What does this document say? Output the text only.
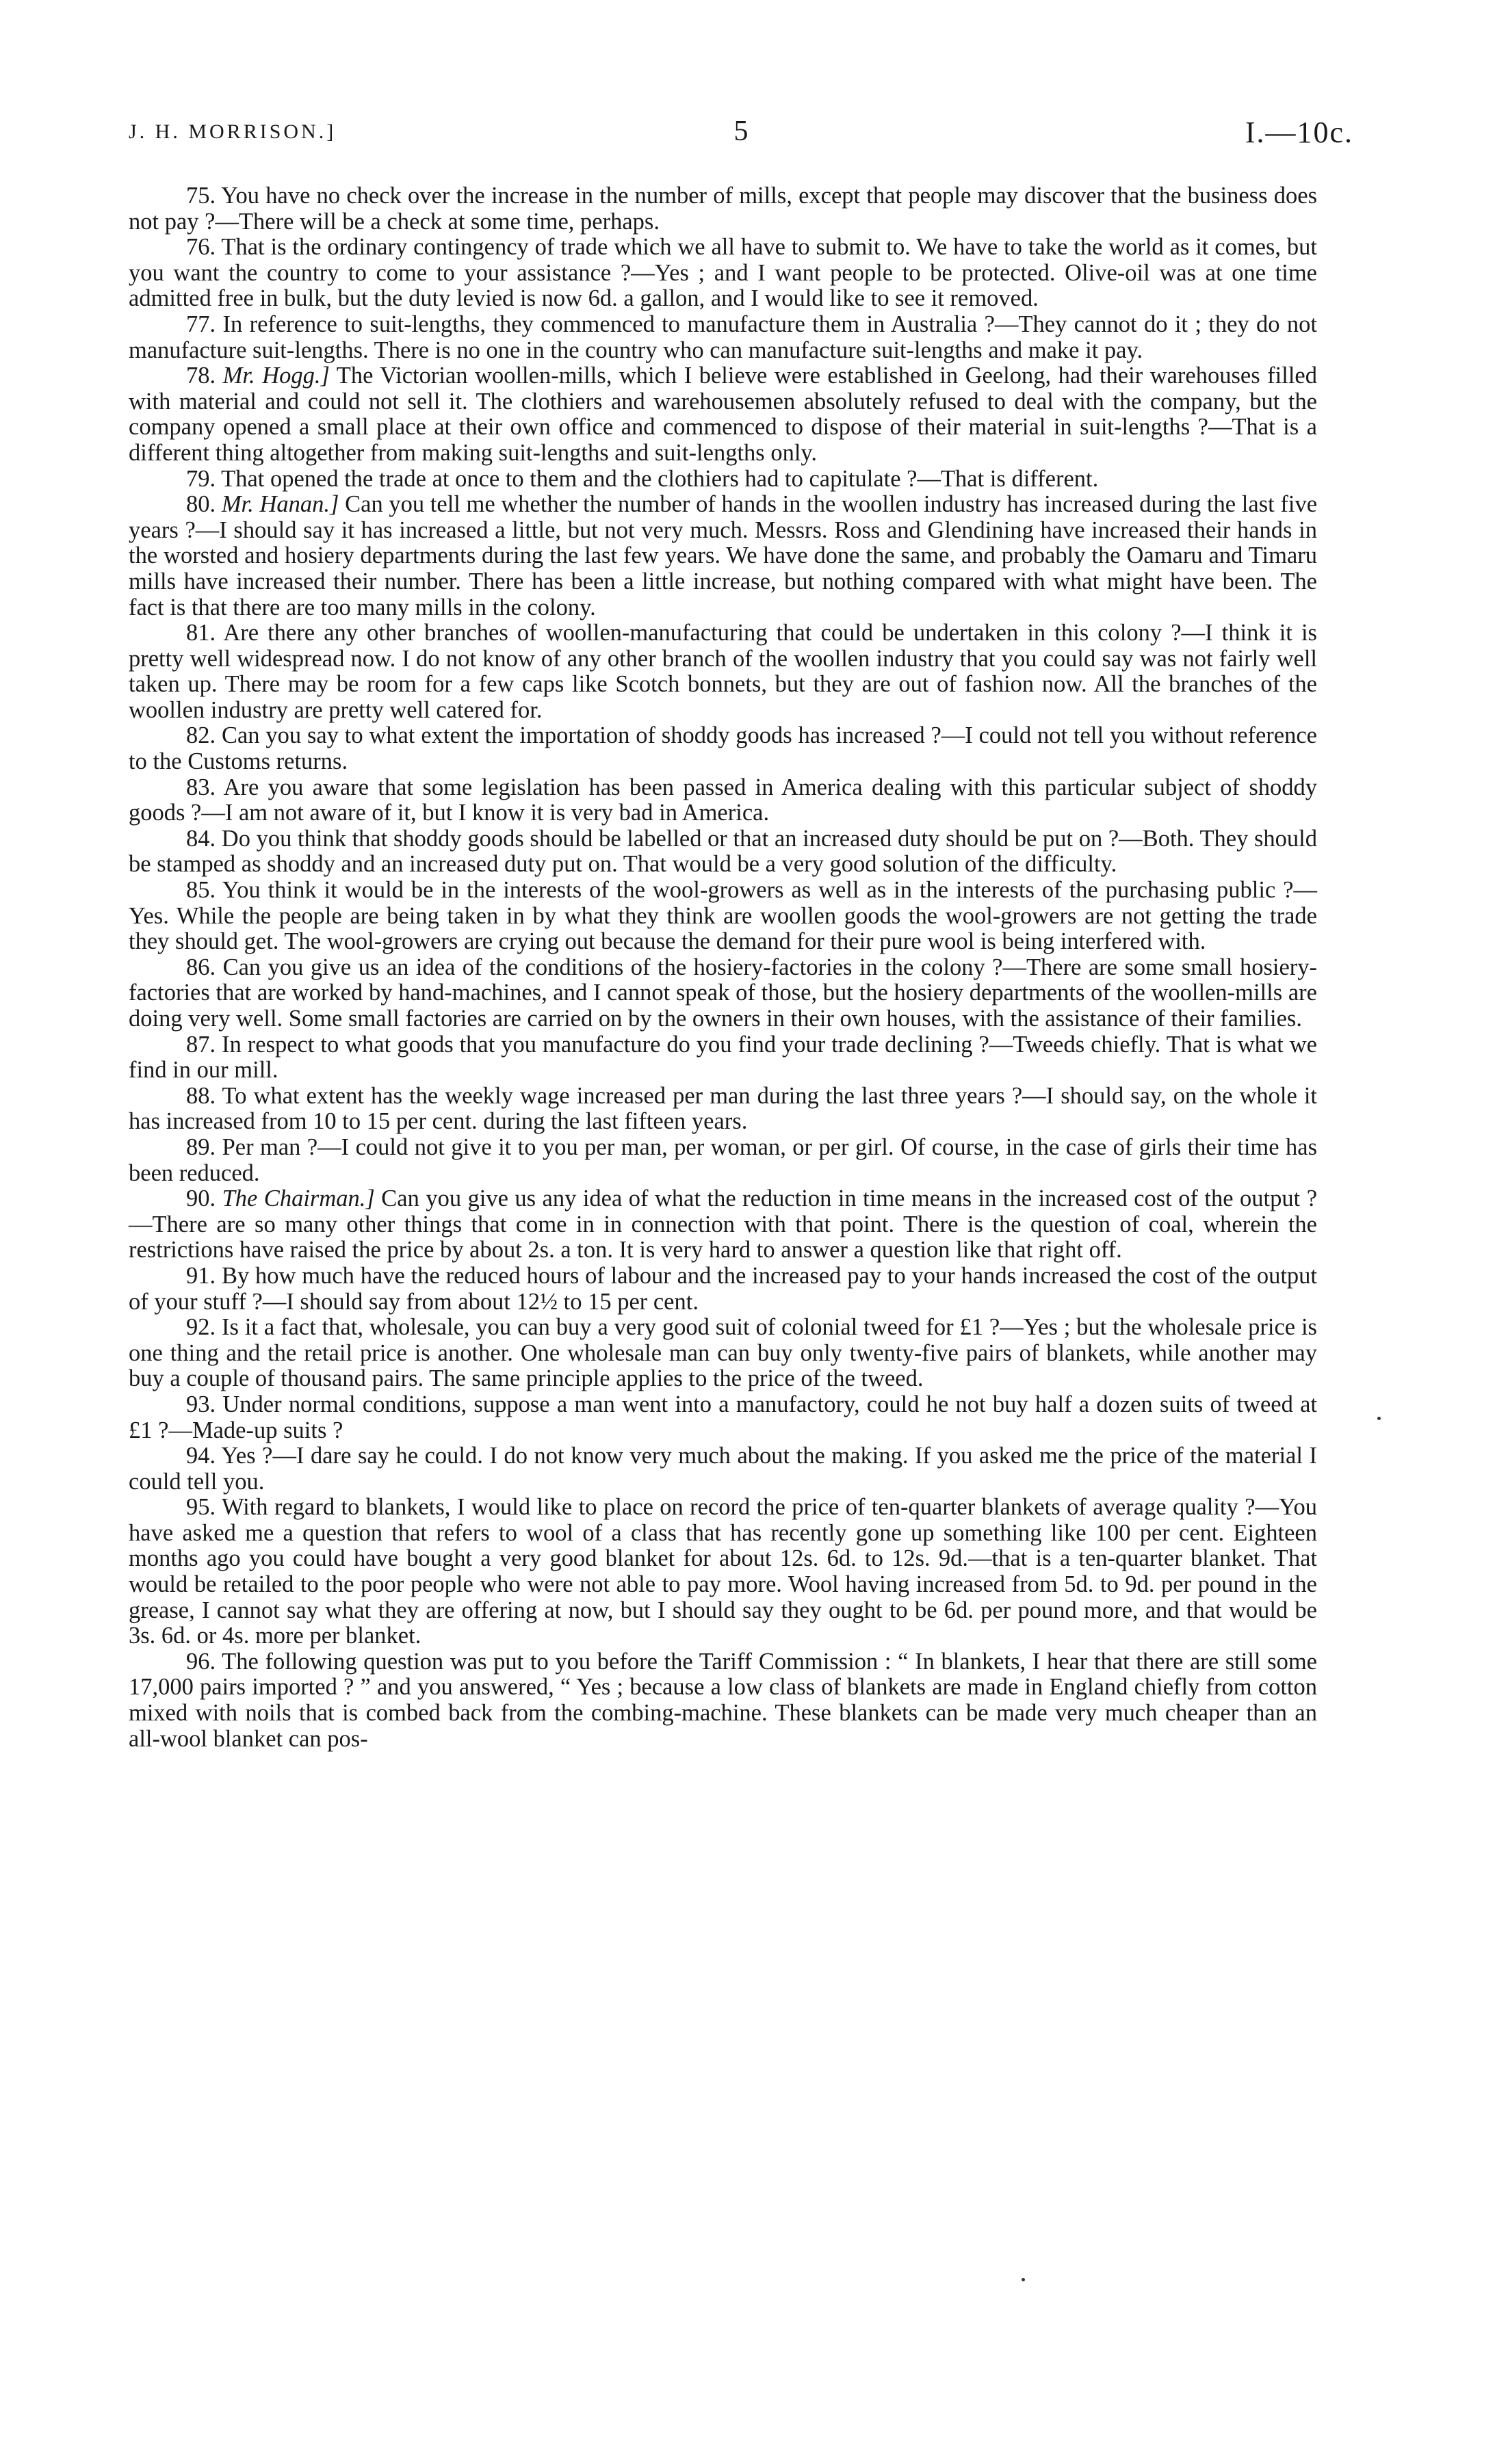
J. H. MORRISON.]	5	I.—10c.

75. You have no check over the increase in the number of mills, except that people may discover that the business does not pay ?—There will be a check at some time, perhaps.

76. That is the ordinary contingency of trade which we all have to submit to. We have to take the world as it comes, but you want the country to come to your assistance ?—Yes ; and I want people to be protected. Olive-oil was at one time admitted free in bulk, but the duty levied is now 6d. a gallon, and I would like to see it removed.

77. In reference to suit-lengths, they commenced to manufacture them in Australia ?—They cannot do it ; they do not manufacture suit-lengths. There is no one in the country who can manufacture suit-lengths and make it pay.

78. Mr. Hogg.] The Victorian woollen-mills, which I believe were established in Geelong, had their warehouses filled with material and could not sell it. The clothiers and warehousemen absolutely refused to deal with the company, but the company opened a small place at their own office and commenced to dispose of their material in suit-lengths ?—That is a different thing altogether from making suit-lengths and suit-lengths only.

79. That opened the trade at once to them and the clothiers had to capitulate ?—That is different.

80. Mr. Hanan.] Can you tell me whether the number of hands in the woollen industry has increased during the last five years ?—I should say it has increased a little, but not very much. Messrs. Ross and Glendining have increased their hands in the worsted and hosiery departments during the last few years. We have done the same, and probably the Oamaru and Timaru mills have increased their number. There has been a little increase, but nothing compared with what might have been. The fact is that there are too many mills in the colony.

81. Are there any other branches of woollen-manufacturing that could be undertaken in this colony ?—I think it is pretty well widespread now. I do not know of any other branch of the woollen industry that you could say was not fairly well taken up. There may be room for a few caps like Scotch bonnets, but they are out of fashion now. All the branches of the woollen industry are pretty well catered for.

82. Can you say to what extent the importation of shoddy goods has increased ?—I could not tell you without reference to the Customs returns.

83. Are you aware that some legislation has been passed in America dealing with this particular subject of shoddy goods ?—I am not aware of it, but I know it is very bad in America.

84. Do you think that shoddy goods should be labelled or that an increased duty should be put on ?—Both. They should be stamped as shoddy and an increased duty put on. That would be a very good solution of the difficulty.

85. You think it would be in the interests of the wool-growers as well as in the interests of the purchasing public ?—Yes. While the people are being taken in by what they think are woollen goods the wool-growers are not getting the trade they should get. The wool-growers are crying out because the demand for their pure wool is being interfered with.

86. Can you give us an idea of the conditions of the hosiery-factories in the colony ?—There are some small hosiery-factories that are worked by hand-machines, and I cannot speak of those, but the hosiery departments of the woollen-mills are doing very well. Some small factories are carried on by the owners in their own houses, with the assistance of their families.

87. In respect to what goods that you manufacture do you find your trade declining ?—Tweeds chiefly. That is what we find in our mill.

88. To what extent has the weekly wage increased per man during the last three years ?—I should say, on the whole it has increased from 10 to 15 per cent. during the last fifteen years.

89. Per man ?—I could not give it to you per man, per woman, or per girl. Of course, in the case of girls their time has been reduced.

90. The Chairman.] Can you give us any idea of what the reduction in time means in the increased cost of the output ?—There are so many other things that come in in connection with that point. There is the question of coal, wherein the restrictions have raised the price by about 2s. a ton. It is very hard to answer a question like that right off.

91. By how much have the reduced hours of labour and the increased pay to your hands increased the cost of the output of your stuff ?—I should say from about 12½ to 15 per cent.

92. Is it a fact that, wholesale, you can buy a very good suit of colonial tweed for £1 ?—Yes ; but the wholesale price is one thing and the retail price is another. One wholesale man can buy only twenty-five pairs of blankets, while another may buy a couple of thousand pairs. The same principle applies to the price of the tweed.

93. Under normal conditions, suppose a man went into a manufactory, could he not buy half a dozen suits of tweed at £1 ?—Made-up suits ?

94. Yes ?—I dare say he could. I do not know very much about the making. If you asked me the price of the material I could tell you.

95. With regard to blankets, I would like to place on record the price of ten-quarter blankets of average quality ?—You have asked me a question that refers to wool of a class that has recently gone up something like 100 per cent. Eighteen months ago you could have bought a very good blanket for about 12s. 6d. to 12s. 9d.—that is a ten-quarter blanket. That would be retailed to the poor people who were not able to pay more. Wool having increased from 5d. to 9d. per pound in the grease, I cannot say what they are offering at now, but I should say they ought to be 6d. per pound more, and that would be 3s. 6d. or 4s. more per blanket.

96. The following question was put to you before the Tariff Commission : “ In blankets, I hear that there are still some 17,000 pairs imported ? ” and you answered, “ Yes ; because a low class of blankets are made in England chiefly from cotton mixed with noils that is combed back from the combing-machine. These blankets can be made very much cheaper than an all-wool blanket can pos-
